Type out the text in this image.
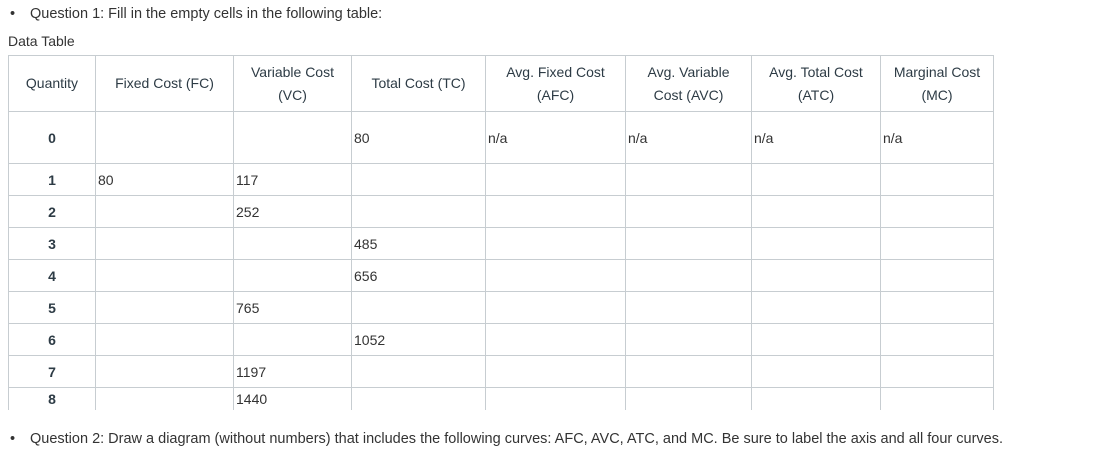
• Question 1: Fill in the empty cells in the following table:
Data Table
Quantity	Fixed Cost (FC)	Variable Cost (VC)	Total Cost (TC)	Avg. Fixed Cost (AFC)	Avg. Variable Cost (AVC)	Avg. Total Cost (ATC)	Marginal Cost (MC)
0			80	n/a	n/a	n/a	n/a
1	80	117					
2		252					
3			485				
4			656				
5		765					
6			1052				
7		1197					
8		1440					
• Question 2: Draw a diagram (without numbers) that includes the following curves: AFC, AVC, ATC, and MC. Be sure to label the axis and all four curves.
